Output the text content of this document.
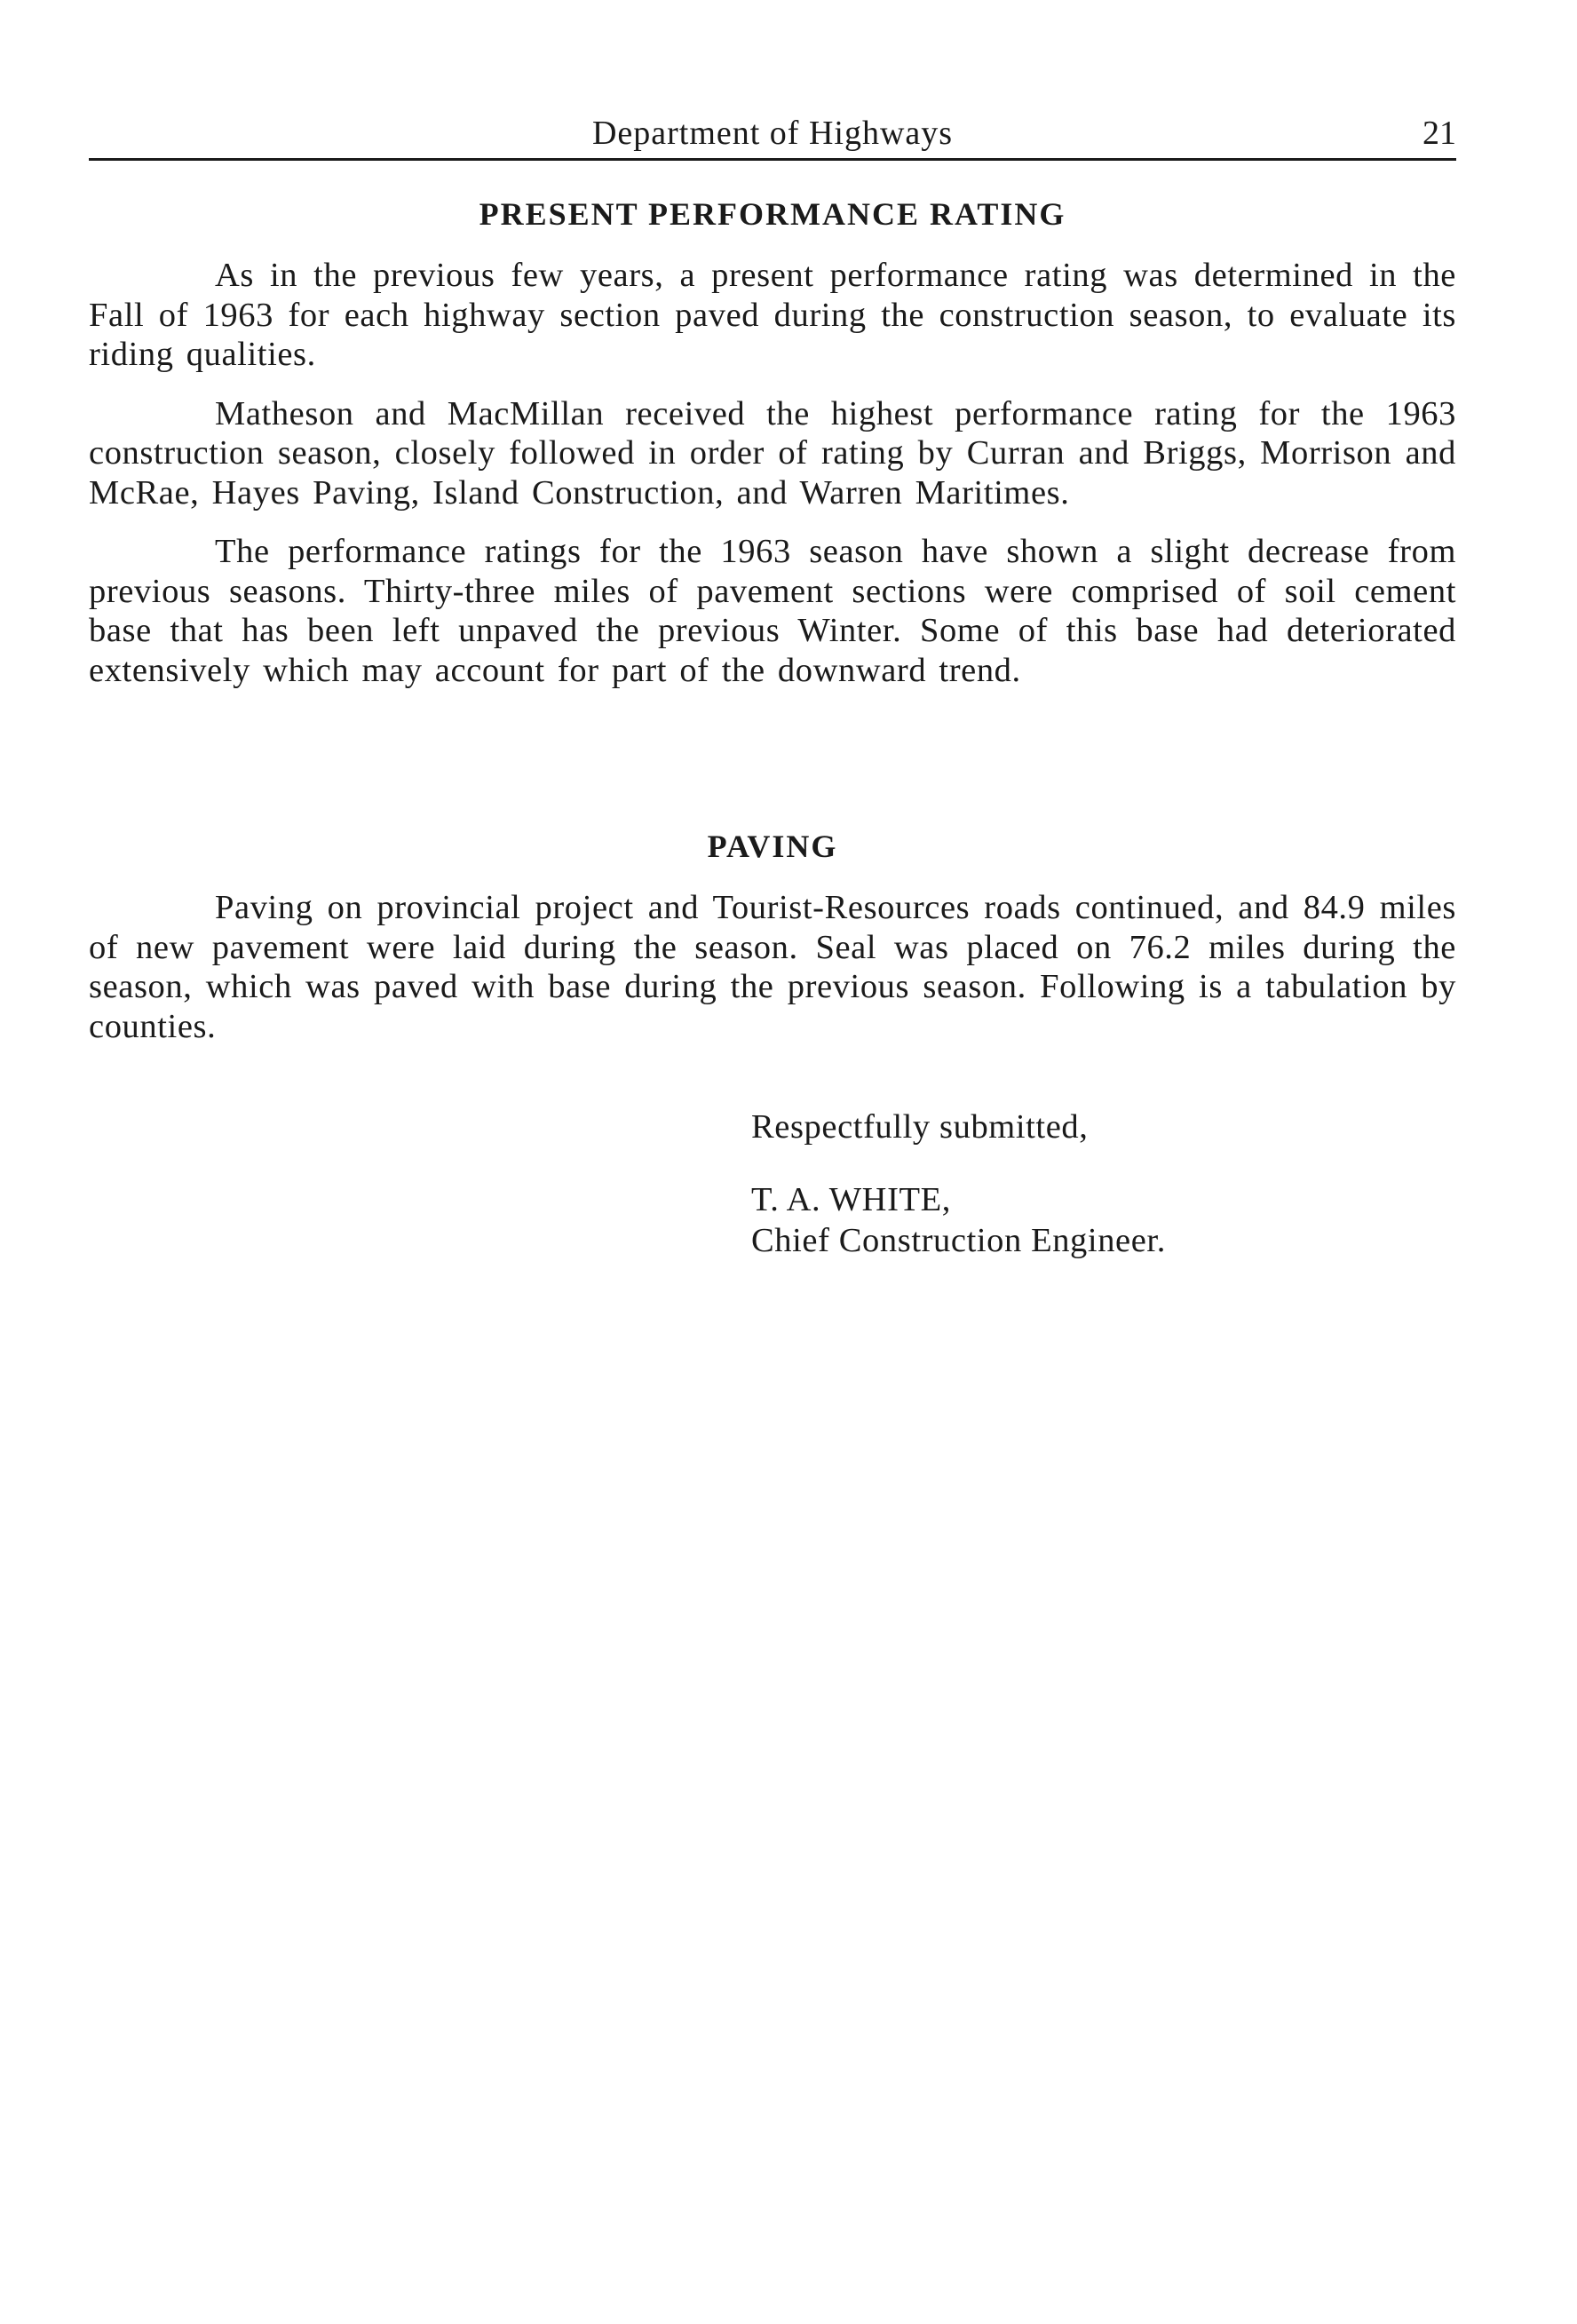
Department of Highways	21
PRESENT PERFORMANCE RATING

As in the previous few years, a present performance rating was determined in the Fall of 1963 for each highway section paved during the construction season, to evaluate its riding qualities.

Matheson and MacMillan received the highest performance rating for the 1963 construction season, closely followed in order of rating by Curran and Briggs, Morrison and McRae, Hayes Paving, Island Construction, and Warren Maritimes.

The performance ratings for the 1963 season have shown a slight decrease from previous seasons. Thirty-three miles of pavement sections were comprised of soil cement base that has been left unpaved the previous Winter. Some of this base had deteriorated extensively which may account for part of the downward trend.

PAVING

Paving on provincial project and Tourist-Resources roads continued, and 84.9 miles of new pavement were laid during the season. Seal was placed on 76.2 miles during the season, which was paved with base during the previous season. Following is a tabulation by counties.

Respectfully submitted,
T. A. WHITE,
Chief Construction Engineer.
